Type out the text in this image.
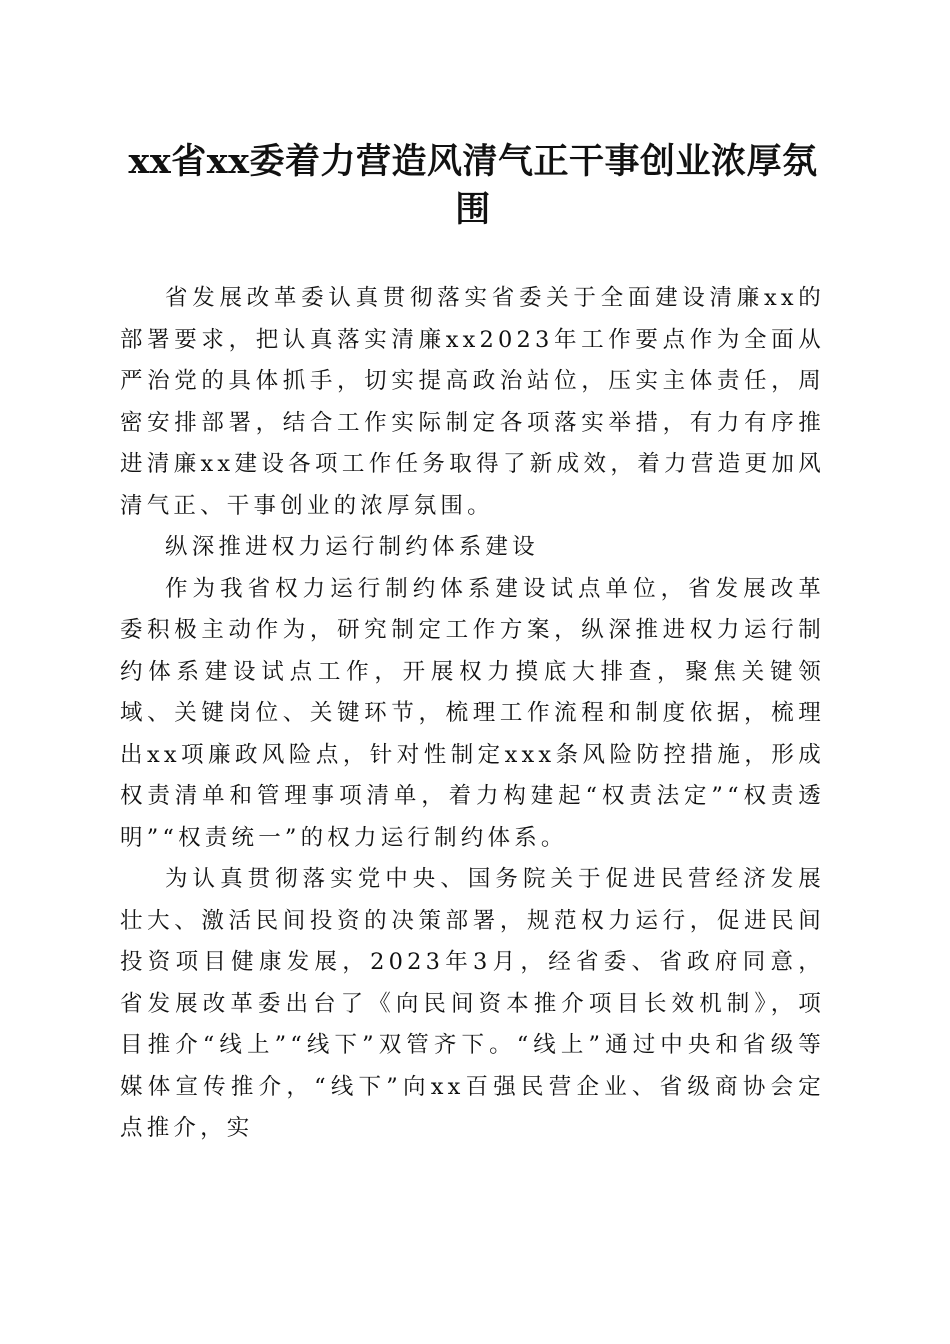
xx省xx委着力营造风清气正干事创业浓厚氛围

省发展改革委认真贯彻落实省委关于全面建设清廉xx的部署要求，把认真落实清廉xx2023年工作要点作为全面从严治党的具体抓手，切实提高政治站位，压实主体责任，周密安排部署，结合工作实际制定各项落实举措，有力有序推进清廉xx建设各项工作任务取得了新成效，着力营造更加风清气正、干事创业的浓厚氛围。

纵深推进权力运行制约体系建设

作为我省权力运行制约体系建设试点单位，省发展改革委积极主动作为，研究制定工作方案，纵深推进权力运行制约体系建设试点工作，开展权力摸底大排查，聚焦关键领域、关键岗位、关键环节，梳理工作流程和制度依据，梳理出xx项廉政风险点，针对性制定xxx条风险防控措施，形成权责清单和管理事项清单，着力构建起“权责法定”“权责透明”“权责统一”的权力运行制约体系。

为认真贯彻落实党中央、国务院关于促进民营经济发展壮大、激活民间投资的决策部署，规范权力运行，促进民间投资项目健康发展，2023年3月，经省委、省政府同意，省发展改革委出台了《向民间资本推介项目长效机制》，项目推介“线上”“线下”双管齐下。“线上”通过中央和省级等媒体宣传推介，“线下”向xx百强民营企业、省级商协会定点推介，实
